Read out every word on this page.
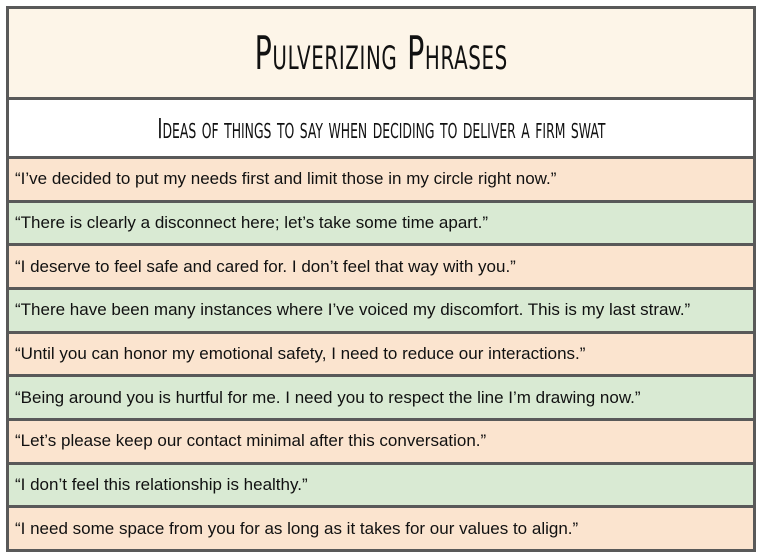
Pulverizing Phrases
Ideas of things to say when deciding to deliver a firm swat
“I’ve decided to put my needs first and limit those in my circle right now.”
“There is clearly a disconnect here; let’s take some time apart.”
“I deserve to feel safe and cared for. I don’t feel that way with you.”
“There have been many instances where I’ve voiced my discomfort. This is my last straw.”
“Until you can honor my emotional safety, I need to reduce our interactions.”
“Being around you is hurtful for me. I need you to respect the line I’m drawing now.”
“Let’s please keep our contact minimal after this conversation.”
“I don’t feel this relationship is healthy.”
“I need some space from you for as long as it takes for our values to align.”
